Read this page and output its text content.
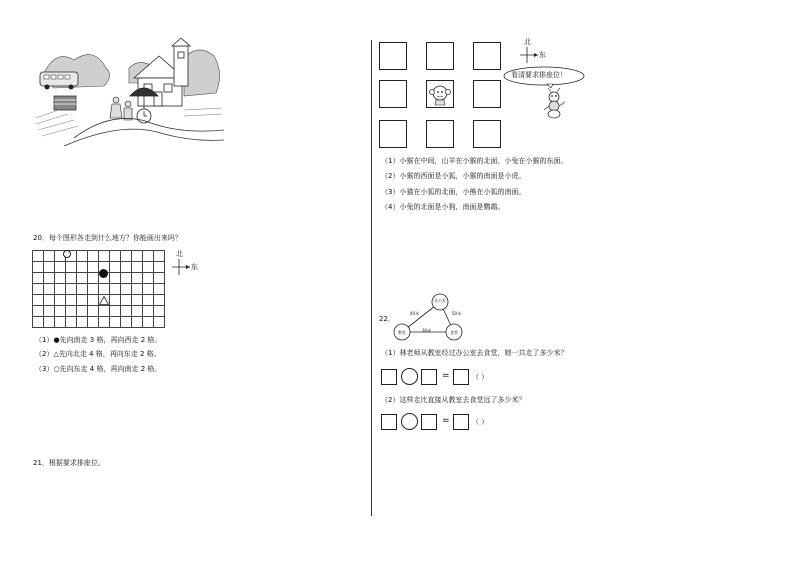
20．每个图形各走到什么地方？你能画出来吗？

北
东
（1）●先向南走 3 格，再向西走 2 格。
（2）△先向北走 4 格，再向东走 2 格。
（3）○先向东走 4 格，再向南走 2 格。
21．根据要求排座位。
北
东
看清要求排座位！
（1）小猴在中间，山羊在小猴的北面，小兔在小猴的东面。
（2）小猴的西面是小狐，小猴的南面是小虎。
（3）小猫在小狐的北面，小熊在小狐的南面。
（4）小兔的北面是小狗，南面是鹦鹉。
22．
办公室
教室	食堂
40米	50米
30米
（1）林老师从教室经过办公室去食堂，她一共走了多少米？
=	（ ）
（2）这样走比直接从教室去食堂远了多少米？
=	（ ）
